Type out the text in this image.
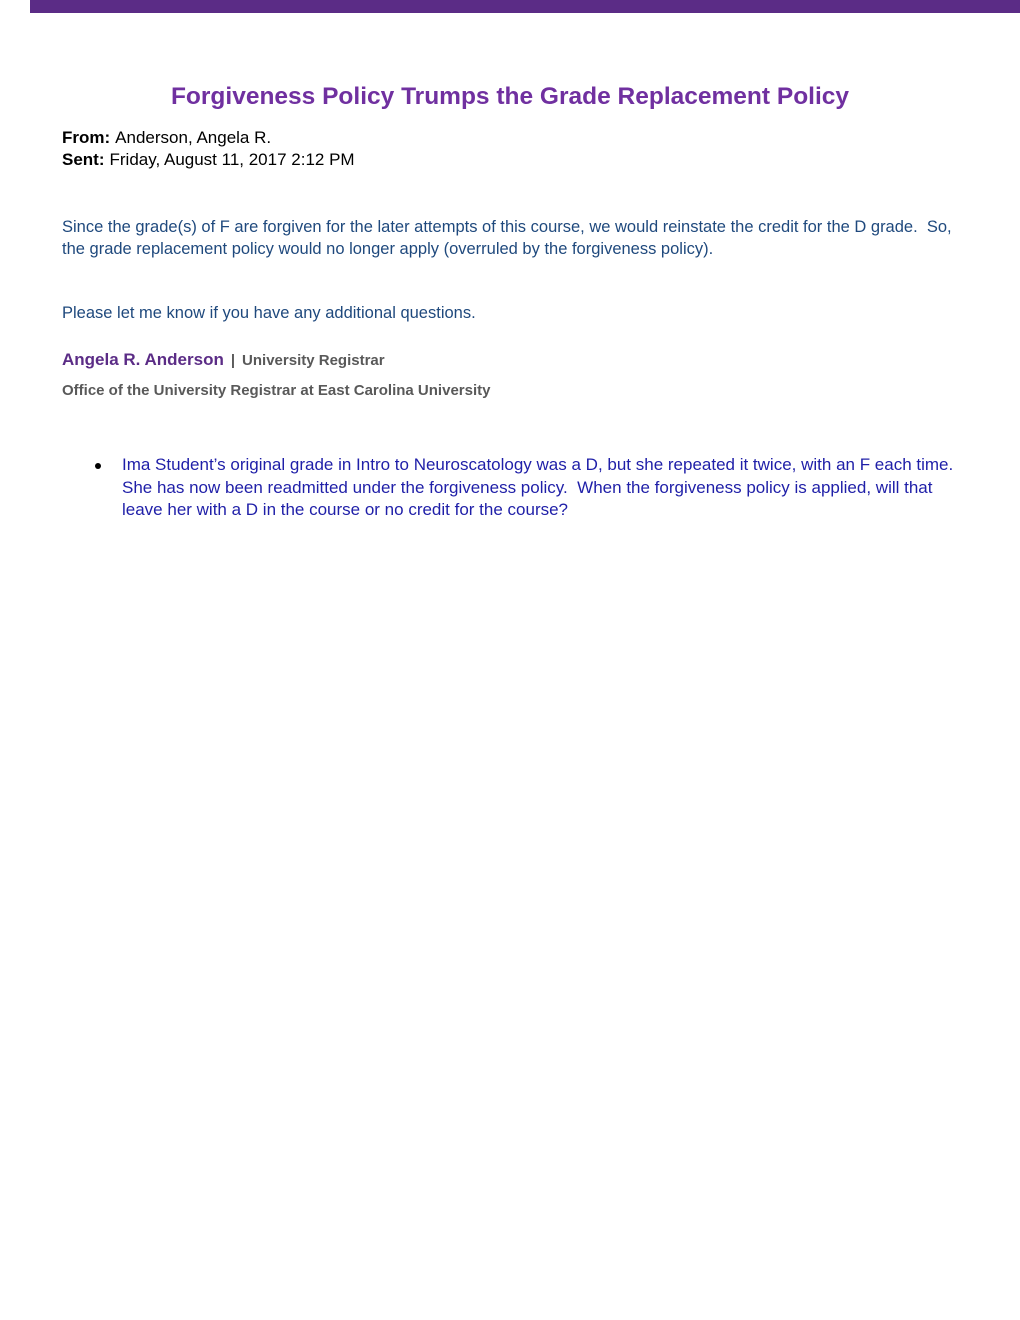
Forgiveness Policy Trumps the Grade Replacement Policy
From: Anderson, Angela R.
Sent: Friday, August 11, 2017 2:12 PM

Since the grade(s) of F are forgiven for the later attempts of this course, we would reinstate the credit for the D grade.  So, the grade replacement policy would no longer apply (overruled by the forgiveness policy).

Please let me know if you have any additional questions.

Angela R. Anderson | University Registrar
Office of the University Registrar at East Carolina University
Ima Student’s original grade in Intro to Neuroscatology was a D, but she repeated it twice, with an F each time.  She has now been readmitted under the forgiveness policy.  When the forgiveness policy is applied, will that leave her with a D in the course or no credit for the course?
